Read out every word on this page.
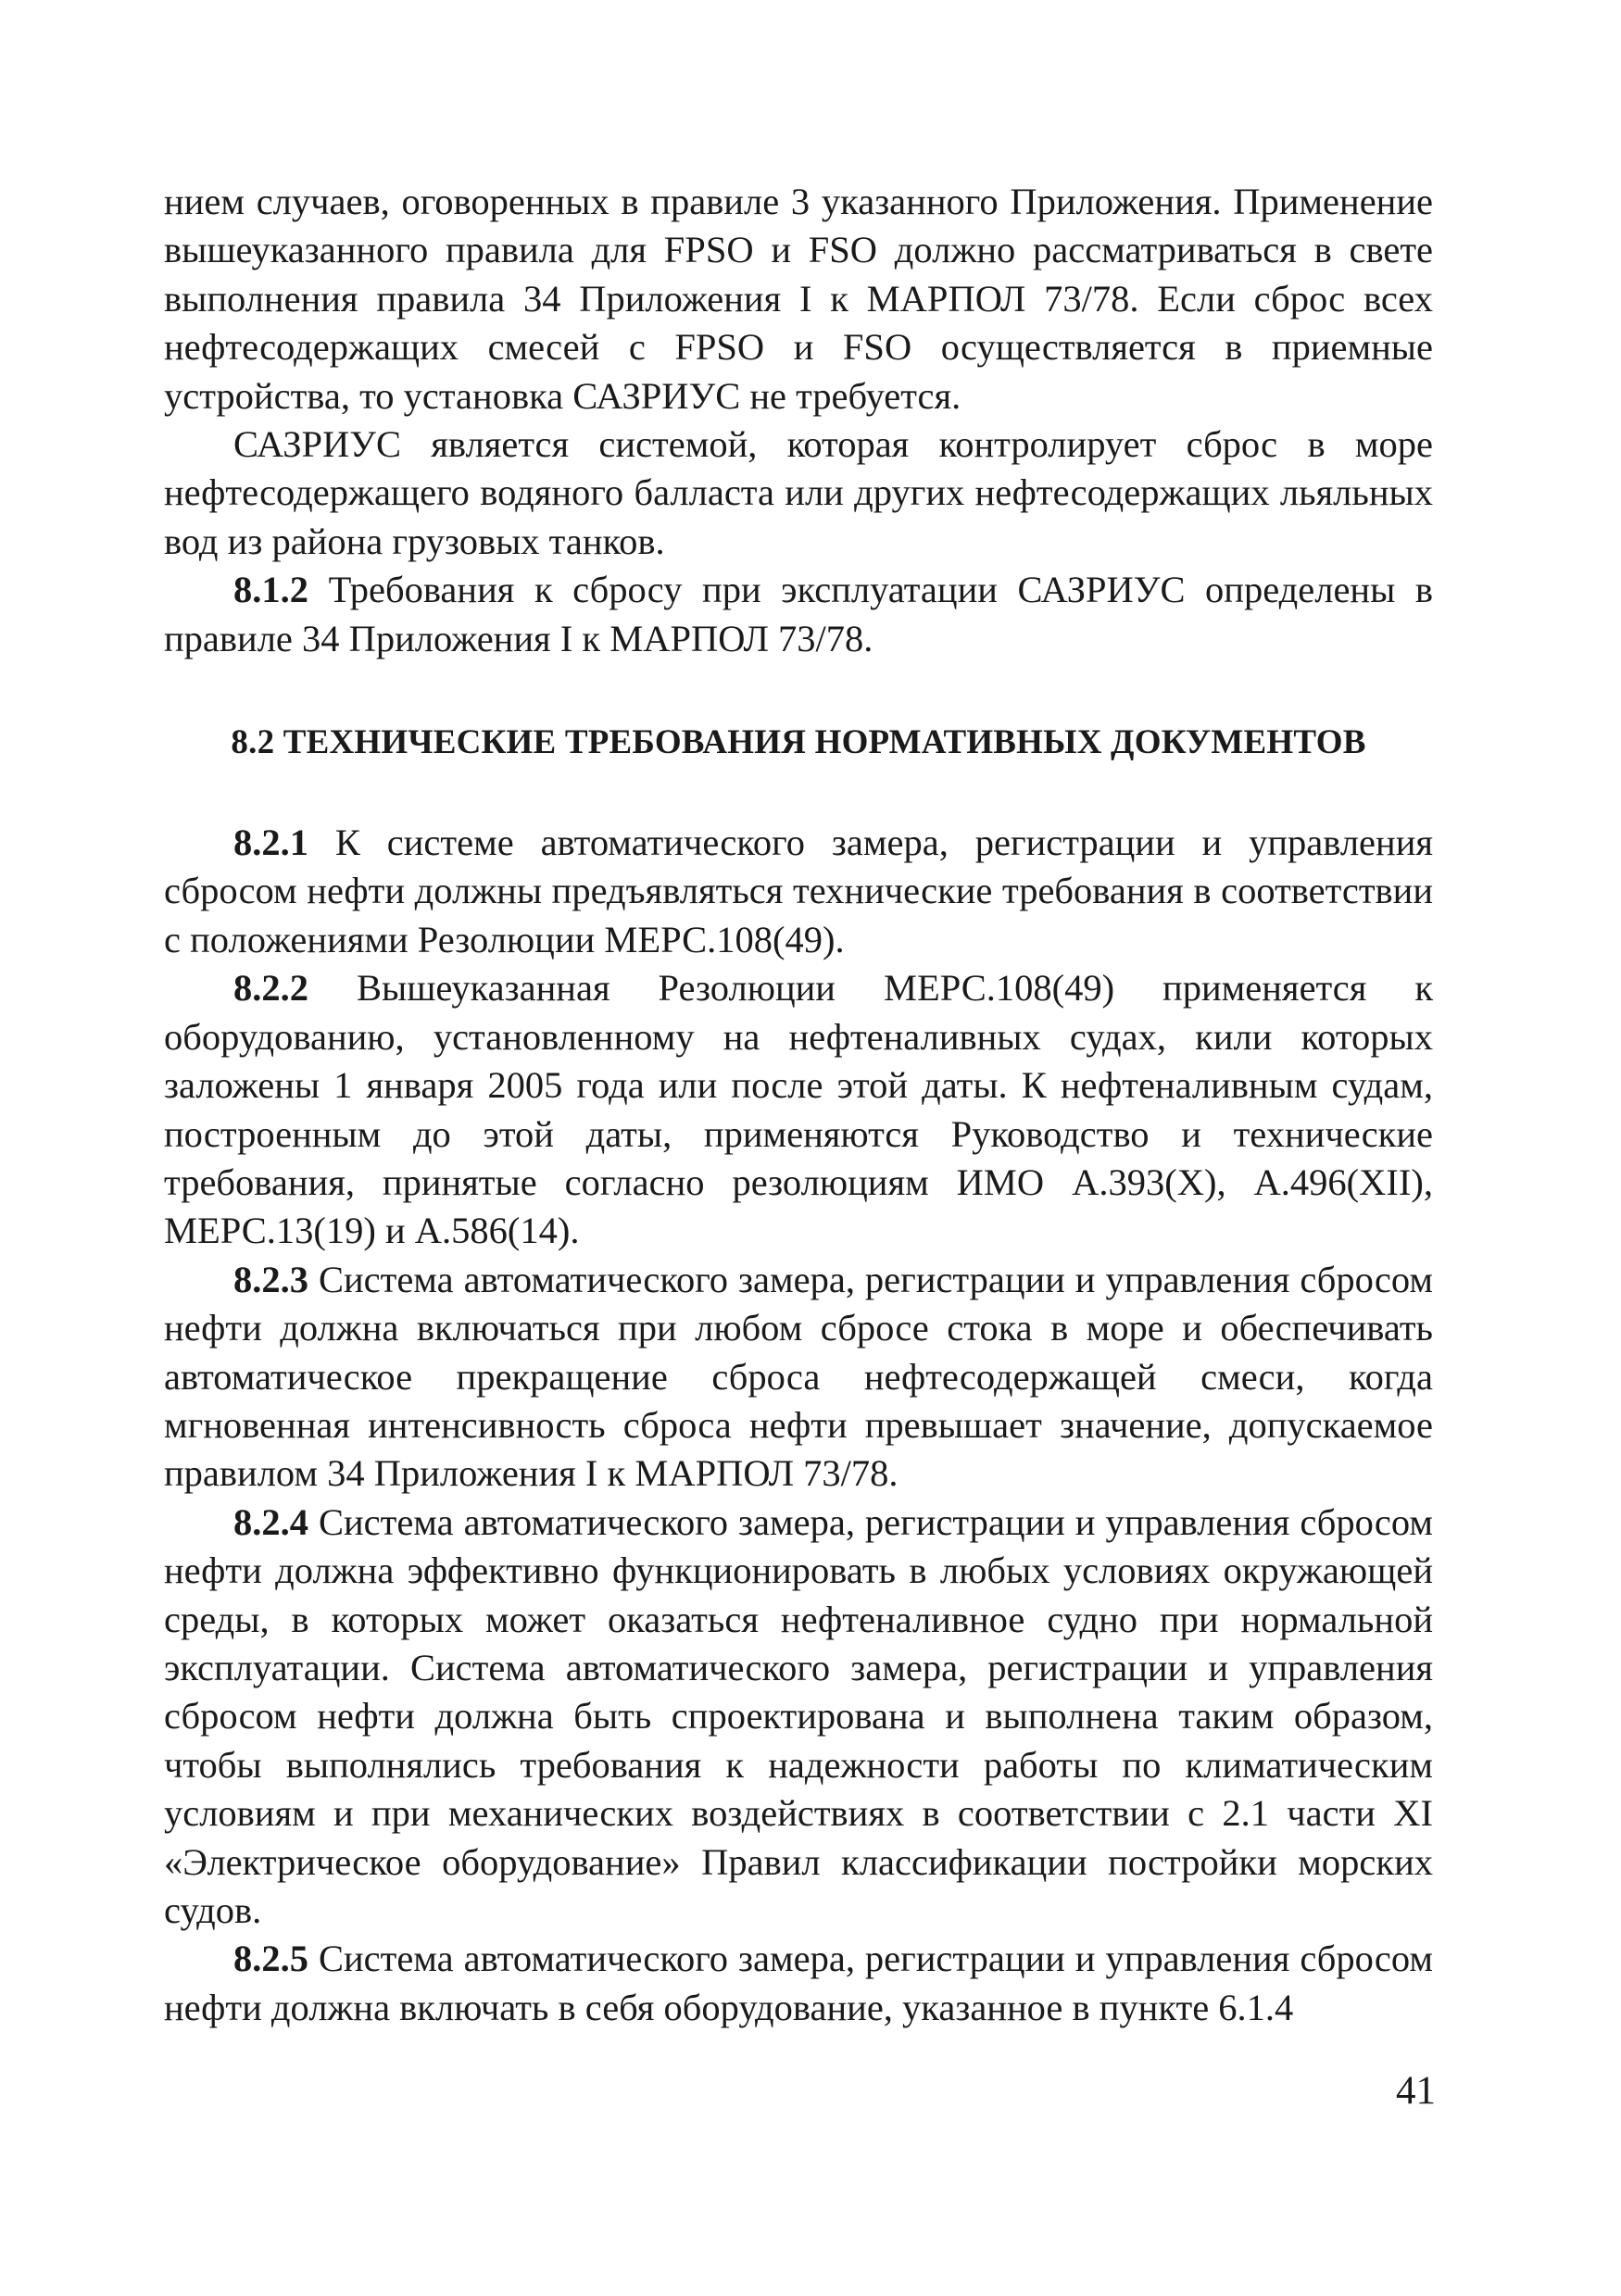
нием случаев, оговоренных в правиле 3 указанного Приложения. Применение вышеуказанного правила для FPSO и FSO должно рассматриваться в свете выполнения правила 34 Приложения I к МАРПОЛ 73/78. Если сброс всех нефтесодержащих смесей с FPSO и FSO осуществляется в приемные устройства, то установка САЗРИУС не требуется.

САЗРИУС является системой, которая контролирует сброс в море нефтесодержащего водяного балласта или других нефтесодержащих льяльных вод из района грузовых танков.

8.1.2 Требования к сбросу при эксплуатации САЗРИУС определены в правиле 34 Приложения I к МАРПОЛ 73/78.

8.2 ТЕХНИЧЕСКИЕ ТРЕБОВАНИЯ НОРМАТИВНЫХ ДОКУМЕНТОВ

8.2.1 К системе автоматического замера, регистрации и управления сбросом нефти должны предъявляться технические требования в соответствии с положениями Резолюции МЕРС.108(49).

8.2.2 Вышеуказанная Резолюции МЕРС.108(49) применяется к оборудованию, установленному на нефтеналивных судах, кили которых заложены 1 января 2005 года или после этой даты. К нефтеналивным судам, построенным до этой даты, применяются Руководство и технические требования, принятые согласно резолюциям ИМО А.393(Х), А.496(XII), МЕРС.13(19) и А.586(14).

8.2.3 Система автоматического замера, регистрации и управления сбросом нефти должна включаться при любом сбросе стока в море и обеспечивать автоматическое прекращение сброса нефтесодержащей смеси, когда мгновенная интенсивность сброса нефти превышает значение, допускаемое правилом 34 Приложения I к МАРПОЛ 73/78.

8.2.4 Система автоматического замера, регистрации и управления сбросом нефти должна эффективно функционировать в любых условиях окружающей среды, в которых может оказаться нефтеналивное судно при нормальной эксплуатации. Система автоматического замера, регистрации и управления сбросом нефти должна быть спроектирована и выполнена таким образом, чтобы выполнялись требования к надежности работы по климатическим условиям и при механических воздействиях в соответствии с 2.1 части XI «Электрическое оборудование» Правил классификации постройки морских судов.

8.2.5 Система автоматического замера, регистрации и управления сбросом нефти должна включать в себя оборудование, указанное в пункте 6.1.4

41
